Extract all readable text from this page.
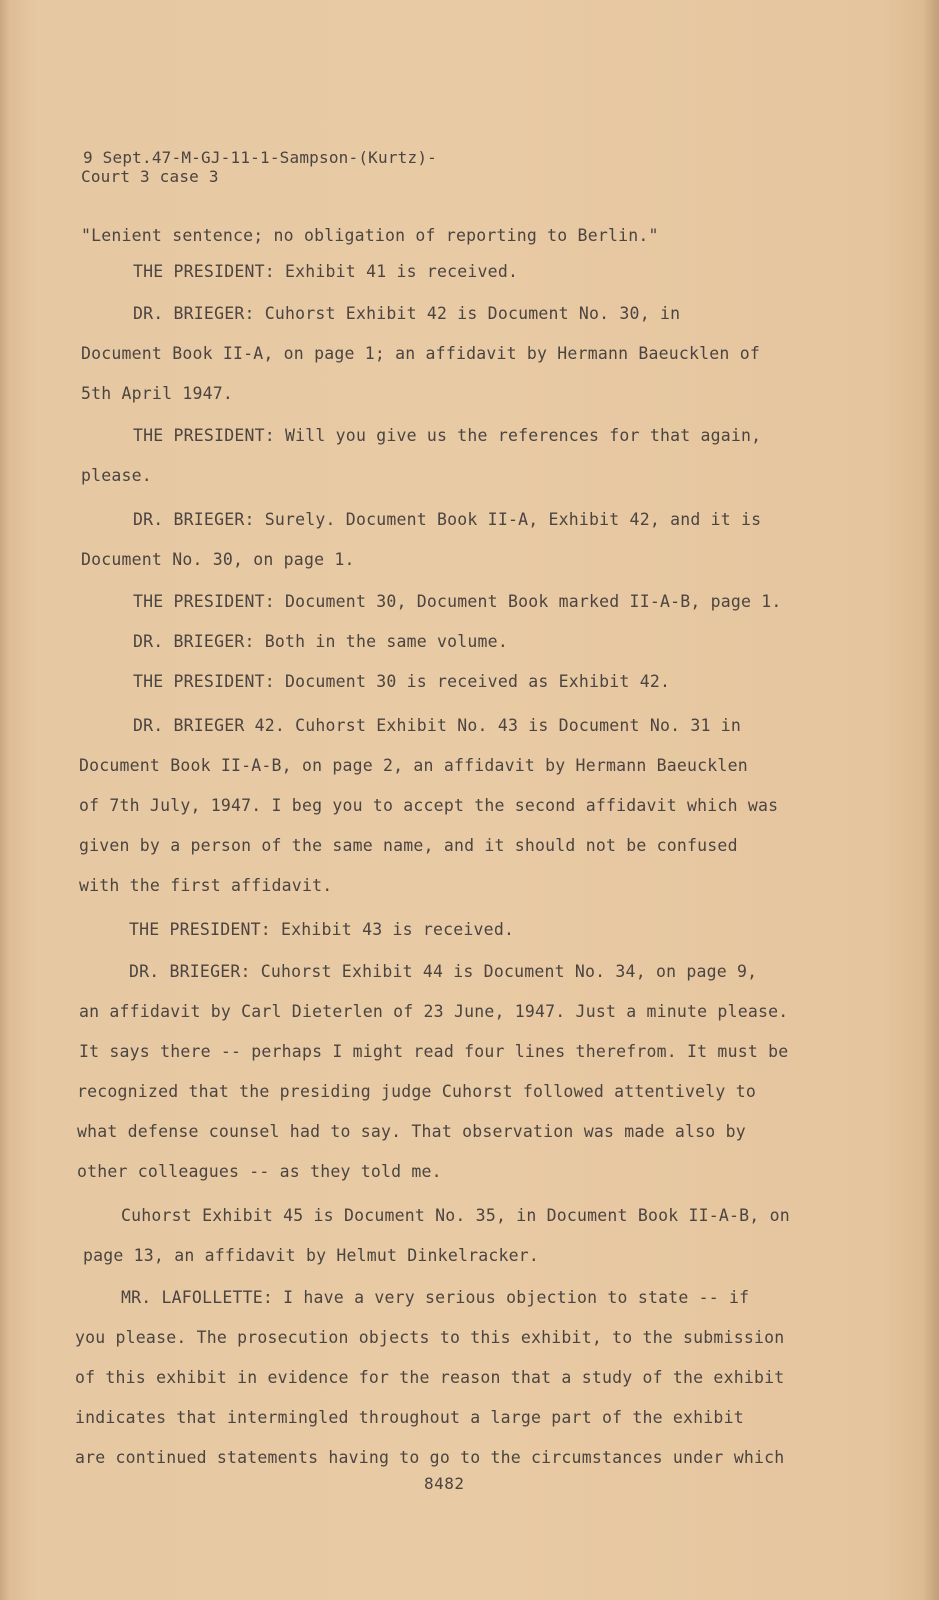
9 Sept.47-M-GJ-11-1-Sampson-(Kurtz)-
Court 3 case 3
"Lenient sentence; no obligation of reporting to Berlin."
THE PRESIDENT: Exhibit 41 is received.
DR. BRIEGER: Cuhorst Exhibit 42 is Document No. 30, in
Document Book II-A, on page 1; an affidavit by Hermann Baeucklen of
5th April 1947.
THE PRESIDENT: Will you give us the references for that again,
please.
DR. BRIEGER: Surely. Document Book II-A, Exhibit 42, and it is
Document No. 30, on page 1.
THE PRESIDENT: Document 30, Document Book marked II-A-B, page 1.
DR. BRIEGER: Both in the same volume.
THE PRESIDENT: Document 30 is received as Exhibit 42.
DR. BRIEGER 42. Cuhorst Exhibit No. 43 is Document No. 31 in
Document Book II-A-B, on page 2, an affidavit by Hermann Baeucklen
of 7th July, 1947. I beg you to accept the second affidavit which was
given by a person of the same name, and it should not be confused
with the first affidavit.
THE PRESIDENT: Exhibit 43 is received.
DR. BRIEGER: Cuhorst Exhibit 44 is Document No. 34, on page 9,
an affidavit by Carl Dieterlen of 23 June, 1947. Just a minute please.
It says there -- perhaps I might read four lines therefrom. It must be
recognized that the presiding judge Cuhorst followed attentively to
what defense counsel had to say. That observation was made also by
other colleagues -- as they told me.
Cuhorst Exhibit 45 is Document No. 35, in Document Book II-A-B, on
page 13, an affidavit by Helmut Dinkelracker.
MR. LAFOLLETTE: I have a very serious objection to state -- if
you please. The prosecution objects to this exhibit, to the submission
of this exhibit in evidence for the reason that a study of the exhibit
indicates that intermingled throughout a large part of the exhibit
are continued statements having to go to the circumstances under which
8482
